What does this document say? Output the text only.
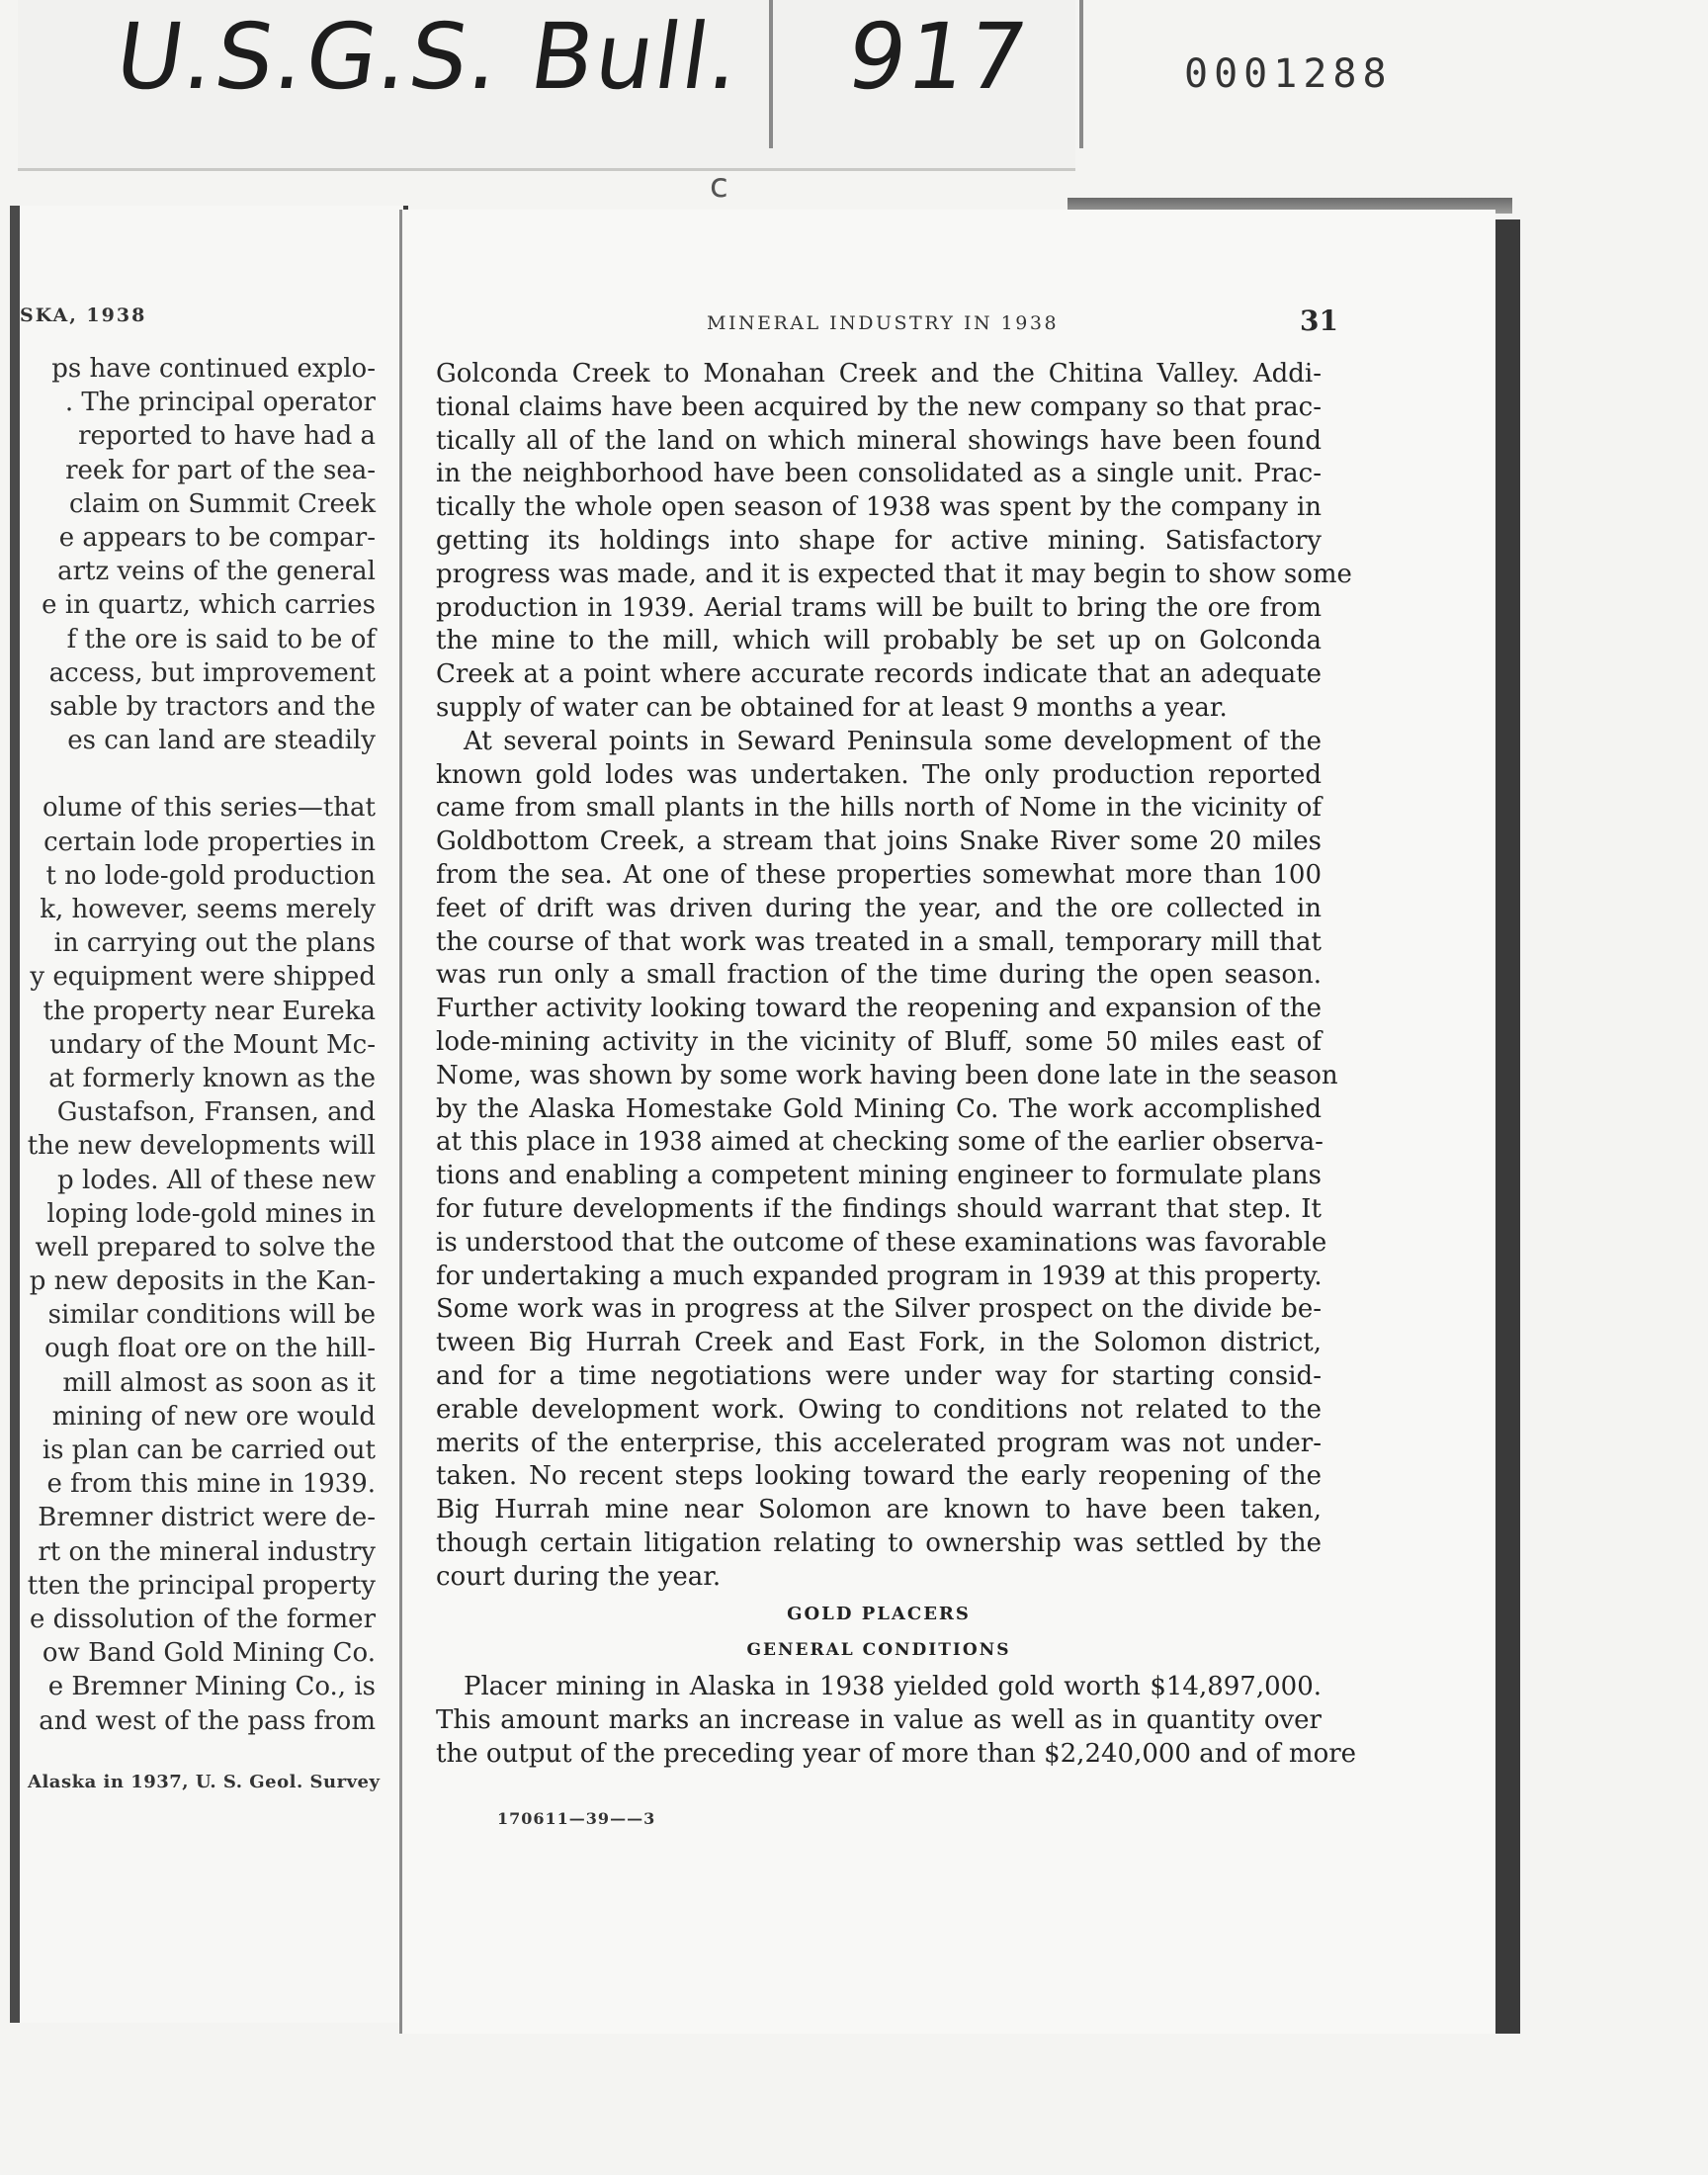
U.S.G.S. Bull. 917	0001288
c
SKA, 1938
ps have continued explo-
. The principal operator
reported to have had a
reek for part of the sea-
claim on Summit Creek
e appears to be compar-
artz veins of the general
e in quartz, which carries
f the ore is said to be of
access, but improvement
sable by tractors and the
es can land are steadily
olume of this series—that
certain lode properties in
t no lode-gold production
k, however, seems merely
in carrying out the plans
y equipment were shipped
the property near Eureka
undary of the Mount Mc-
at formerly known as the
Gustafson, Fransen, and
the new developments will
p lodes. All of these new
loping lode-gold mines in
well prepared to solve the
p new deposits in the Kan-
similar conditions will be
ough float ore on the hill-
mill almost as soon as it
mining of new ore would
is plan can be carried out
e from this mine in 1939.
Bremner district were de-
rt on the mineral industry
tten the principal property
e dissolution of the former
ow Band Gold Mining Co.
e Bremner Mining Co., is
and west of the pass from
Alaska in 1937, U. S. Geol. Survey
MINERAL INDUSTRY IN 1938	31
Golconda Creek to Monahan Creek and the Chitina Valley. Addi-
tional claims have been acquired by the new company so that prac-
tically all of the land on which mineral showings have been found
in the neighborhood have been consolidated as a single unit. Prac-
tically the whole open season of 1938 was spent by the company in
getting its holdings into shape for active mining. Satisfactory
progress was made, and it is expected that it may begin to show some
production in 1939. Aerial trams will be built to bring the ore from
the mine to the mill, which will probably be set up on Golconda
Creek at a point where accurate records indicate that an adequate
supply of water can be obtained for at least 9 months a year.
At several points in Seward Peninsula some development of the
known gold lodes was undertaken. The only production reported
came from small plants in the hills north of Nome in the vicinity of
Goldbottom Creek, a stream that joins Snake River some 20 miles
from the sea. At one of these properties somewhat more than 100
feet of drift was driven during the year, and the ore collected in
the course of that work was treated in a small, temporary mill that
was run only a small fraction of the time during the open season.
Further activity looking toward the reopening and expansion of the
lode-mining activity in the vicinity of Bluff, some 50 miles east of
Nome, was shown by some work having been done late in the season
by the Alaska Homestake Gold Mining Co. The work accomplished
at this place in 1938 aimed at checking some of the earlier observa-
tions and enabling a competent mining engineer to formulate plans
for future developments if the findings should warrant that step. It
is understood that the outcome of these examinations was favorable
for undertaking a much expanded program in 1939 at this property.
Some work was in progress at the Silver prospect on the divide be-
tween Big Hurrah Creek and East Fork, in the Solomon district,
and for a time negotiations were under way for starting consid-
erable development work. Owing to conditions not related to the
merits of the enterprise, this accelerated program was not under-
taken. No recent steps looking toward the early reopening of the
Big Hurrah mine near Solomon are known to have been taken,
though certain litigation relating to ownership was settled by the
court during the year.
GOLD PLACERS
GENERAL CONDITIONS
Placer mining in Alaska in 1938 yielded gold worth $14,897,000.
This amount marks an increase in value as well as in quantity over
the output of the preceding year of more than $2,240,000 and of more
170611—39——3
